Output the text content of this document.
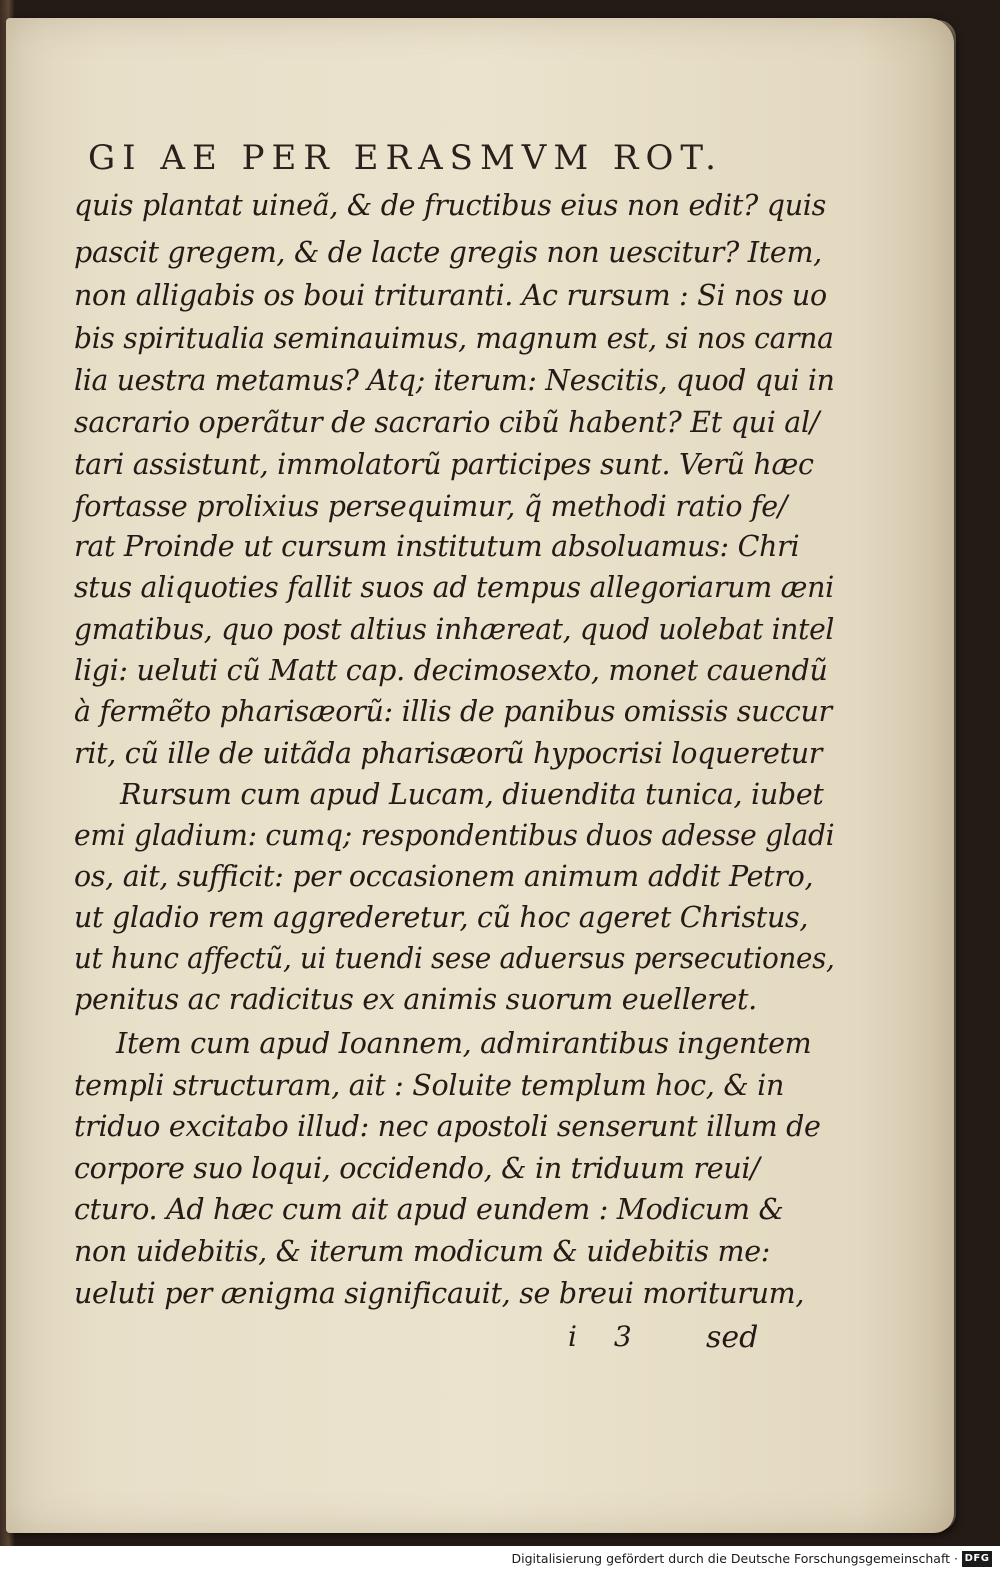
GI AE PER ERASMVM ROT.
quis plantat uineã, & de fructibus eius non edit? quis
pascit gregem, & de lacte gregis non uescitur? Item,
non alligabis os boui trituranti. Ac rursum : Si nos uo
bis spiritualia seminauimus, magnum est, si nos carna
lia uestra metamus? Atq; iterum: Nescitis, quod qui in
sacrario operãtur de sacrario cibũ habent? Et qui al/
tari assistunt, immolatorũ participes sunt. Verũ hæc
fortasse prolixius persequimur, q̃ methodi ratio fe/
rat Proinde ut cursum institutum absoluamus: Chri
stus aliquoties fallit suos ad tempus allegoriarum æni
gmatibus, quo post altius inhæreat, quod uolebat intel
ligi: ueluti cũ Matt cap. decimosexto, monet cauendũ
à fermẽto pharisæorũ: illis de panibus omissis succur
rit, cũ ille de uitãda pharisæorũ hypocrisi loqueretur
Rursum cum apud Lucam, diuendita tunica, iubet
emi gladium: cumq; respondentibus duos adesse gladi
os, ait, sufficit: per occasionem animum addit Petro,
ut gladio rem aggrederetur, cũ hoc ageret Christus,
ut hunc affectũ, ui tuendi sese aduersus persecutiones,
penitus ac radicitus ex animis suorum euelleret.
Item cum apud Ioannem, admirantibus ingentem
templi structuram, ait : Soluite templum hoc, & in
triduo excitabo illud: nec apostoli senserunt illum de
corpore suo loqui, occidendo, & in triduum reui/
cturo. Ad hæc cum ait apud eundem : Modicum &
non uidebitis, & iterum modicum & uidebitis me:
ueluti per ænigma significauit, se breui moriturum,
i 3 sed
Digitalisierung gefördert durch die Deutsche Forschungsgemeinschaft · DFG
